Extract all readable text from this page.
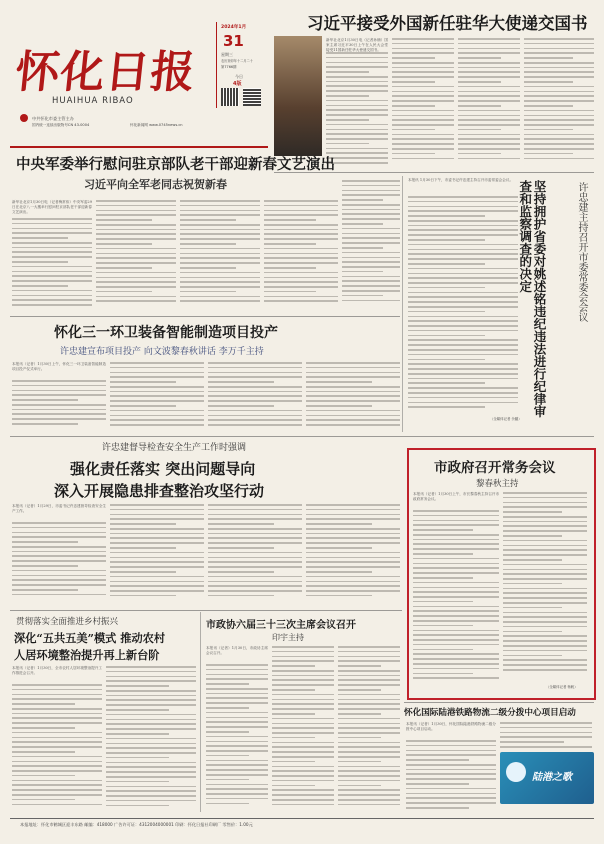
怀化日报
HUAIHUA RIBAO
中共怀化市委主管主办
国内统一连续出版物号CN 43-0004	怀化新闻网 www.0745news.cn
2024年1月
31
星期三
农历癸卯年十二月二十
第7766期
今日
4版
习近平接受外国新任驻华大使递交国书
新华社北京1月30日电（记者孙楠）国家主席习近平30日上午在人民大会堂接受11国新任驻华大使递交国书。
中央军委举行慰问驻京部队老干部迎新春文艺演出
习近平向全军老同志祝贺新春
新华社北京1月30日电（记者梅常伟）中央军委29日在北京八一大楼举行慰问驻京部队老干部迎新春文艺演出。
本报讯 1月30日下午，市委书记许忠建主持召开市委常委会会议。
（全媒体记者 佘璐）
坚持拥护省委对姚述铭违纪违法进行纪律审查和监察调查的决定	许忠建主持召开市委常委会会议
怀化三一环卫装备智能制造项目投产
许忠建宣布项目投产 向文波黎春秋讲话 李万千主持
本报讯（记者）1月30日上午，怀化三一环卫装备智能制造项目投产仪式举行。
许忠建督导检查安全生产工作时强调
强化责任落实 突出问题导向
深入开展隐患排查整治攻坚行动
本报讯（记者）1月29日，市委书记许忠建督导检查安全生产工作。
市政府召开常务会议
黎春秋主持
本报讯（记者）1月30日上午，市长黎春秋主持召开市政府常务会议。
（全媒体记者 杨帆）
贯彻落实全面推进乡村振兴
深化“五共五美”模式 推动农村
人居环境整治提升再上新台阶
本报讯（记者）1月30日，全市农村人居环境整治提升工作推进会召开。
市政协六届三十三次主席会议召开
印宇主持
本报讯（记者）1月30日，市政协主席会议召开。
怀化国际陆港铁路物流二级分拨中心项目启动
本报讯（记者）1月30日，怀化国际陆港铁路物流二级分拨中心项目启动。
陆港之歌
本报地址：怀化市鹤城区迎丰东路 邮编：418000 广告许可证：4312004000001 印刷：怀化日报社印刷厂 零售价：1.00元
